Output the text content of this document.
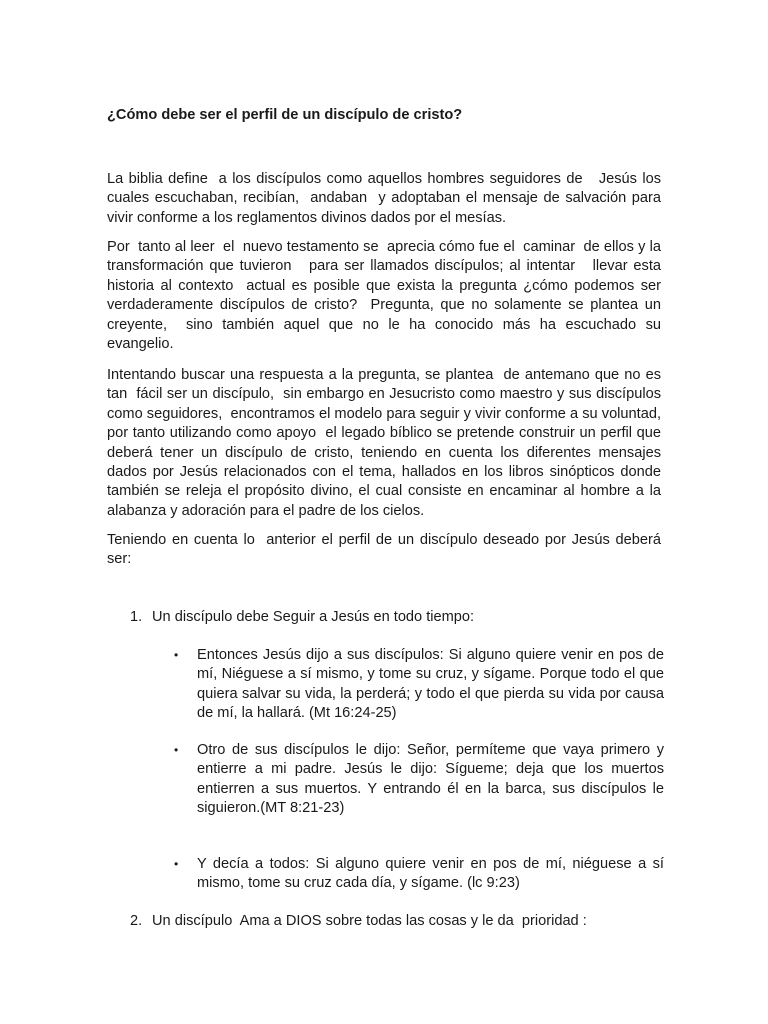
¿Cómo debe ser el perfil de un discípulo de cristo?

La biblia define  a los discípulos como aquellos hombres seguidores de   Jesús los cuales escuchaban, recibían,  andaban  y adoptaban el mensaje de salvación para vivir conforme a los reglamentos divinos dados por el mesías.

Por  tanto al leer  el  nuevo testamento se  aprecia cómo fue el  caminar  de ellos y la transformación que tuvieron   para ser llamados discípulos; al intentar   llevar esta historia al contexto  actual es posible que exista la pregunta ¿cómo podemos ser  verdaderamente discípulos de cristo?  Pregunta, que no solamente se plantea un creyente,  sino también aquel que no le ha conocido más ha escuchado su evangelio.

Intentando buscar una respuesta a la pregunta, se plantea  de antemano que no es tan  fácil ser un discípulo,  sin embargo en Jesucristo como maestro y sus discípulos como seguidores,  encontramos el modelo para seguir y vivir conforme a su voluntad, por tanto utilizando como apoyo  el legado bíblico se pretende construir un perfil que deberá tener un discípulo de cristo, teniendo en cuenta los diferentes mensajes dados por Jesús relacionados con el tema, hallados en los libros sinópticos donde también se releja el propósito divino, el cual consiste en encaminar al hombre a la alabanza y adoración para el padre de los cielos.

Teniendo en cuenta lo  anterior el perfil de un discípulo deseado por Jesús deberá ser:

1. Un discípulo debe Seguir a Jesús en todo tiempo:

• Entonces Jesús dijo a sus discípulos: Si alguno quiere venir en pos de mí, Niéguese a sí mismo, y tome su cruz, y sígame. Porque todo el que quiera salvar su vida, la perderá; y todo el que pierda su vida por causa de mí, la hallará. (Mt 16:24-25)
• Otro de sus discípulos le dijo: Señor, permíteme que vaya primero y entierre a mi padre. Jesús le dijo: Sígueme; deja que los muertos entierren a sus muertos. Y entrando él en la barca, sus discípulos le siguieron.(MT 8:21-23)
• Y decía a todos: Si alguno quiere venir en pos de mí, niéguese a sí mismo, tome su cruz cada día, y sígame. (lc 9:23)

2. Un discípulo  Ama a DIOS sobre todas las cosas y le da  prioridad :
